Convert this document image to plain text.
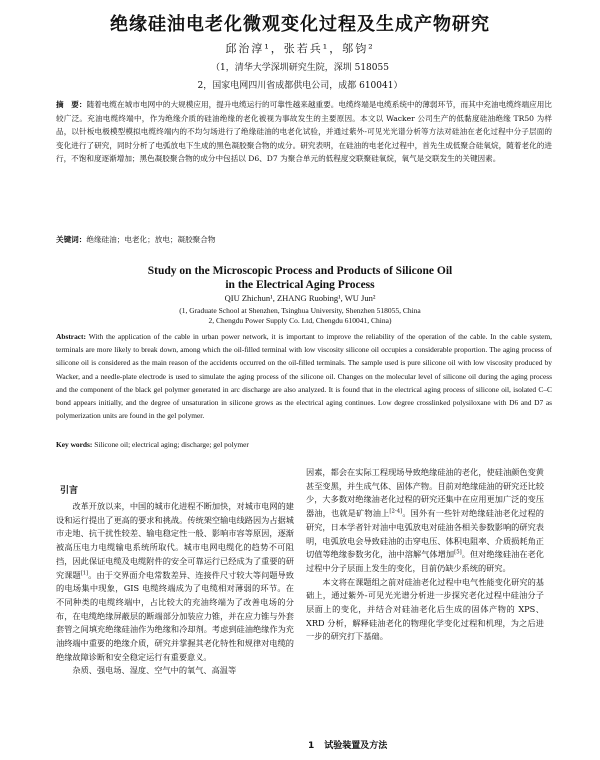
绝缘硅油电老化微观变化过程及生成产物研究
邱治淳¹，张若兵¹，邬钧²
（1，清华大学深圳研究生院，深圳 518055
2，国家电网四川省成都供电公司，成都 610041）
摘　要：随着电缆在城市电网中的大规模应用，提升电缆运行的可靠性越来越重要。电缆终端是电缆系统中的薄弱环节，而其中充油电缆终端应用比较广泛。充油电缆终端中，作为绝缘介质的硅油绝缘的老化被视为事故发生的主要原因。本文以 Wacker 公司生产的低黏度硅油绝缘 TR50 为样品，以针板电极模型模拟电缆终端内的不均匀场进行了绝缘硅油的电老化试验，并通过紫外-可见光光谱分析等方法对硅油在老化过程中分子层面的变化进行了研究，同时分析了电弧放电下生成的黑色凝胶聚合物的成分。研究表明，在硅油的电老化过程中，首先生成低聚合硅氧烷，随着老化的进行，不饱和度逐渐增加；黑色凝胶聚合物的成分中包括以 D6、D7 为聚合单元的低程度交联聚硅氧烷，氧气是交联发生的关键因素。
关键词：绝缘硅油；电老化；放电；凝胶聚合物
Study on the Microscopic Process and Products of Silicone Oil
in the Electrical Aging Process
QIU Zhichun¹, ZHANG Ruobing¹, WU Jun²
(1, Graduate School at Shenzhen, Tsinghua University, Shenzhen 518055, China
2, Chengdu Power Supply Co. Ltd, Chengdu 610041, China)
Abstract: With the application of the cable in urban power network, it is important to improve the reliability of the operation of the cable. In the cable system, terminals are more likely to break down, among which the oil-filled terminal with low viscosity silicone oil occupies a considerable proportion. The aging process of silicone oil is considered as the main reason of the accidents occurred on the oil-filled terminals. The sample used is pure silicone oil with low viscosity produced by Wacker, and a needle-plate electrode is used to simulate the aging process of the silicone oil. Changes on the molecular level of silicone oil during the aging process and the component of the black gel polymer generated in arc discharge are also analyzed. It is found that in the electrical aging process of silicone oil, isolated C–C bond appears initially, and the degree of unsaturation in silicone grows as the electrical aging continues. Low degree crosslinked polysiloxane with D6 and D7 as polymerization units are found in the gel polymer.
Key words: Silicone oil; electrical aging; discharge; gel polymer
引言

改革开放以来，中国的城市化进程不断加快，对城市电网的建设和运行提出了更高的要求和挑战。传统架空输电线路因为占据城市走地、抗干扰性较差、输电稳定性一般、影响市容等原因，逐渐被高压电力电缆输电系统所取代。城市电网电缆化的趋势不可阻挡，因此保证电缆及电缆附件的安全可靠运行已经成为了重要的研究课题[1]。由于交界面介电常数差异、连接件尺寸较大等问题导致的电场集中现象，GIS 电缆终端成为了电缆相对薄弱的环节。在不同种类的电缆终端中，占比较大的充油终端为了改善电场的分布，在电缆绝缘屏蔽层的断端部分加装应力锥，并在应力锥与外套套管之间填充绝缘硅油作为绝缘和冷却剂。考虑到硅油绝缘作为充油终端中重要的绝缘介质，研究并掌握其老化特性和规律对电缆的绝缘故障诊断和安全稳定运行有重要意义。

杂质、强电场、湿度、空气中的氧气、高温等

因素，都会在实际工程现场导致绝缘硅油的老化，使硅油颜色变黄甚至变黑，并生成气体、固体产物。目前对绝缘硅油的研究还比较少，大多数对绝缘油老化过程的研究还集中在应用更加广泛的变压器油，也就是矿物油上[2-4]。国外有一些针对绝缘硅油老化过程的研究，日本学者针对油中电弧放电对硅油各相关参数影响的研究表明，电弧放电会导致硅油的击穿电压、体积电阻率、介质损耗角正切值等绝缘参数劣化，油中溶解气体增加[5]。但对绝缘硅油在老化过程中分子层面上发生的变化，目前仍缺少系统的研究。

本文将在课题组之前对硅油老化过程中电气性能变化研究的基础上，通过紫外-可见光光谱分析进一步探究老化过程中硅油分子层面上的变化，并结合对硅油老化后生成的固体产物的 XPS、XRD 分析，解释硅油老化的物理化学变化过程和机理，为之后进一步的研究打下基础。

1 试验装置及方法
